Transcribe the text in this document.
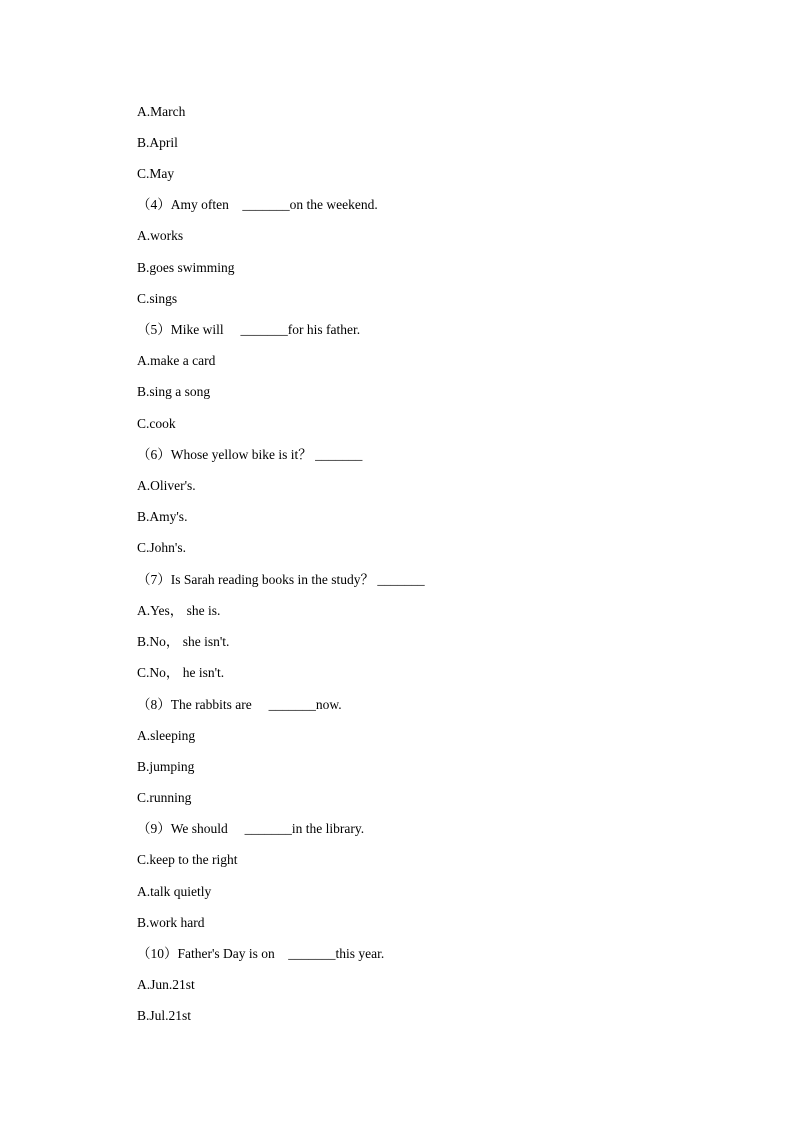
A.March
B.April
C.May
（4）Amy often    _______on the weekend.
A.works
B.goes swimming
C.sings
（5）Mike will     _______for his father.
A.make a card
B.sing a song
C.cook
（6）Whose yellow bike is it？ _______
A.Oliver's.
B.Amy's.
C.John's.
（7）Is Sarah reading books in the study？ _______
A.Yes， she is.
B.No， she isn't.
C.No， he isn't.
（8）The rabbits are     _______now.
A.sleeping
B.jumping
C.running
（9）We should     _______in the library.
C.keep to the right
A.talk quietly
B.work hard
（10）Father's Day is on    _______this year.
A.Jun.21st
B.Jul.21st
